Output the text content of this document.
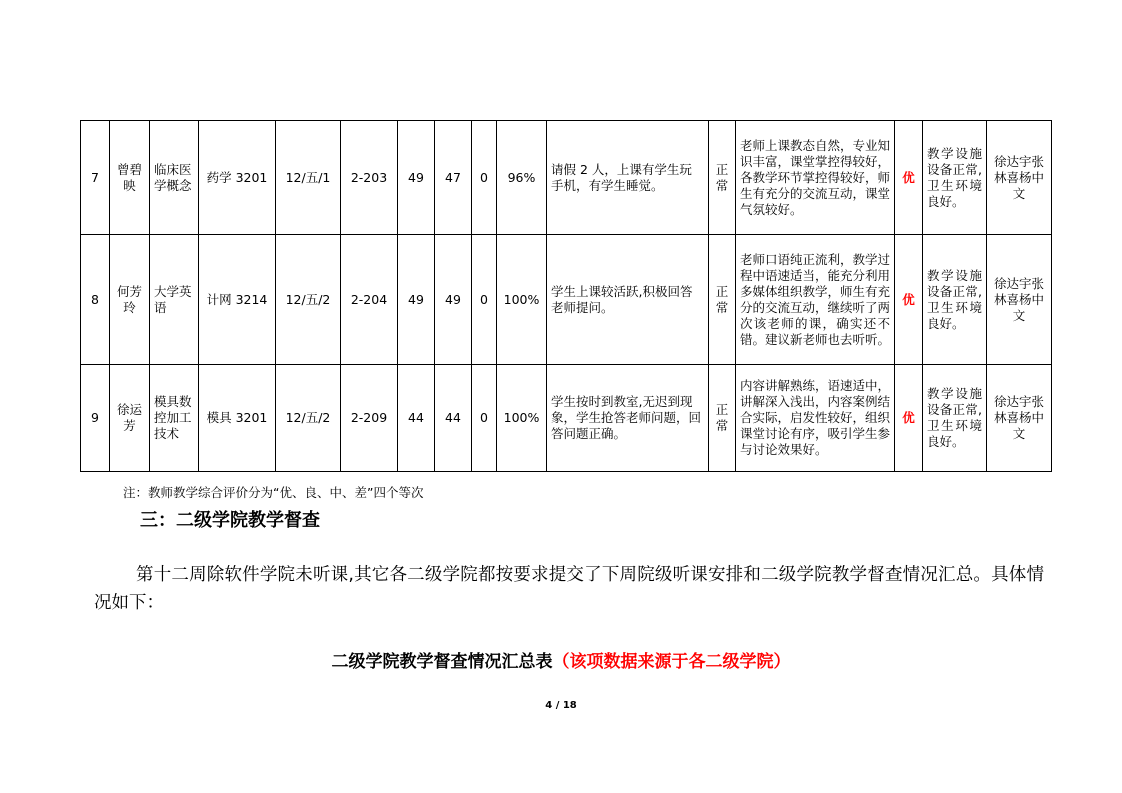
7	曾碧映	临床医学概念	药学 3201	12/五/1	2-203	49	47	0	96%	请假 2 人，上课有学生玩手机，有学生睡觉。	正常	老师上课教态自然，专业知识丰富，课堂掌控得较好，各教学环节掌控得较好，师生有充分的交流互动，课堂气氛较好。	优	教学设施设备正常,卫生环境良好。	徐达宇张林喜杨中文
8	何芳玲	大学英语	计网 3214	12/五/2	2-204	49	49	0	100%	学生上课较活跃,积极回答老师提问。	正常	老师口语纯正流利，教学过程中语速适当，能充分利用多媒体组织教学，师生有充分的交流互动，继续听了两次该老师的课，确实还不错。建议新老师也去听听。	优	教学设施设备正常,卫生环境良好。	徐达宇张林喜杨中文
9	徐运芳	模具数控加工技术	模具 3201	12/五/2	2-209	44	44	0	100%	学生按时到教室,无迟到现象，学生抢答老师问题，回答问题正确。	正常	内容讲解熟练，语速适中，讲解深入浅出，内容案例结合实际，启发性较好，组织课堂讨论有序，吸引学生参与讨论效果好。	优	教学设施设备正常,卫生环境良好。	徐达宇张林喜杨中文
注：教师教学综合评价分为“优、良、中、差”四个等次
三：二级学院教学督查
第十二周除软件学院未听课,其它各二级学院都按要求提交了下周院级听课安排和二级学院教学督查情况汇总。具体情况如下：
二级学院教学督查情况汇总表（该项数据来源于各二级学院）
4 / 18
